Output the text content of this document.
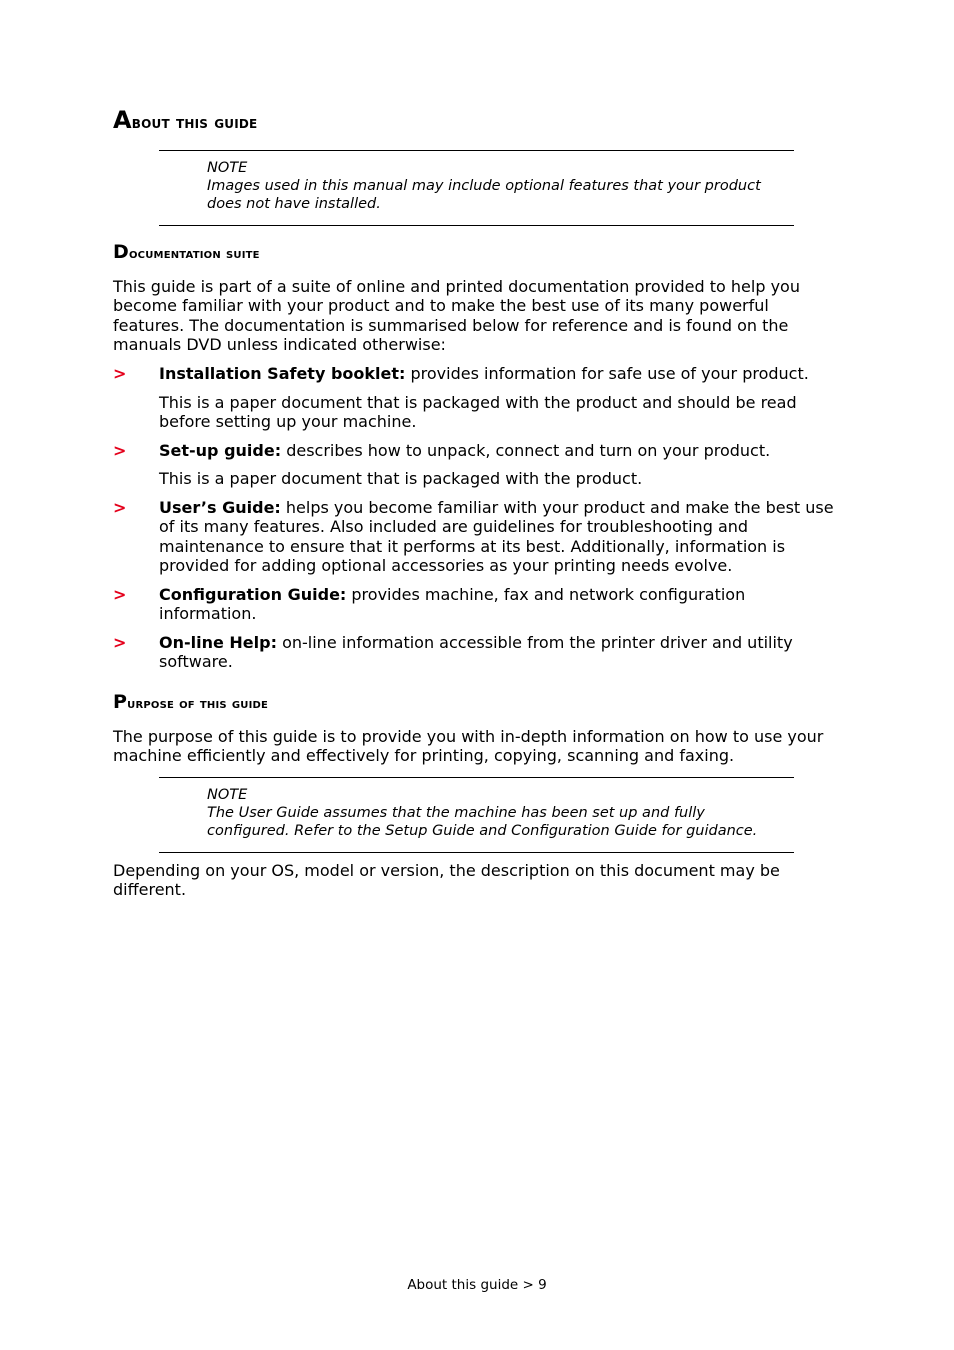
About this guide
NOTE
Images used in this manual may include optional features that your product does not have installed.
Documentation suite

This guide is part of a suite of online and printed documentation provided to help you become familiar with your product and to make the best use of its many powerful features. The documentation is summarised below for reference and is found on the manuals DVD unless indicated otherwise:

> Installation Safety booklet: provides information for safe use of your product.

This is a paper document that is packaged with the product and should be read before setting up your machine.

> Set-up guide: describes how to unpack, connect and turn on your product.

This is a paper document that is packaged with the product.

> User’s Guide: helps you become familiar with your product and make the best use of its many features. Also included are guidelines for troubleshooting and maintenance to ensure that it performs at its best. Additionally, information is provided for adding optional accessories as your printing needs evolve.

> Configuration Guide: provides machine, fax and network configuration information.

> On-line Help: on-line information accessible from the printer driver and utility software.

Purpose of this guide

The purpose of this guide is to provide you with in-depth information on how to use your machine efficiently and effectively for printing, copying, scanning and faxing.

NOTE
The User Guide assumes that the machine has been set up and fully configured. Refer to the Setup Guide and Configuration Guide for guidance.

Depending on your OS, model or version, the description on this document may be different.

About this guide > 9
